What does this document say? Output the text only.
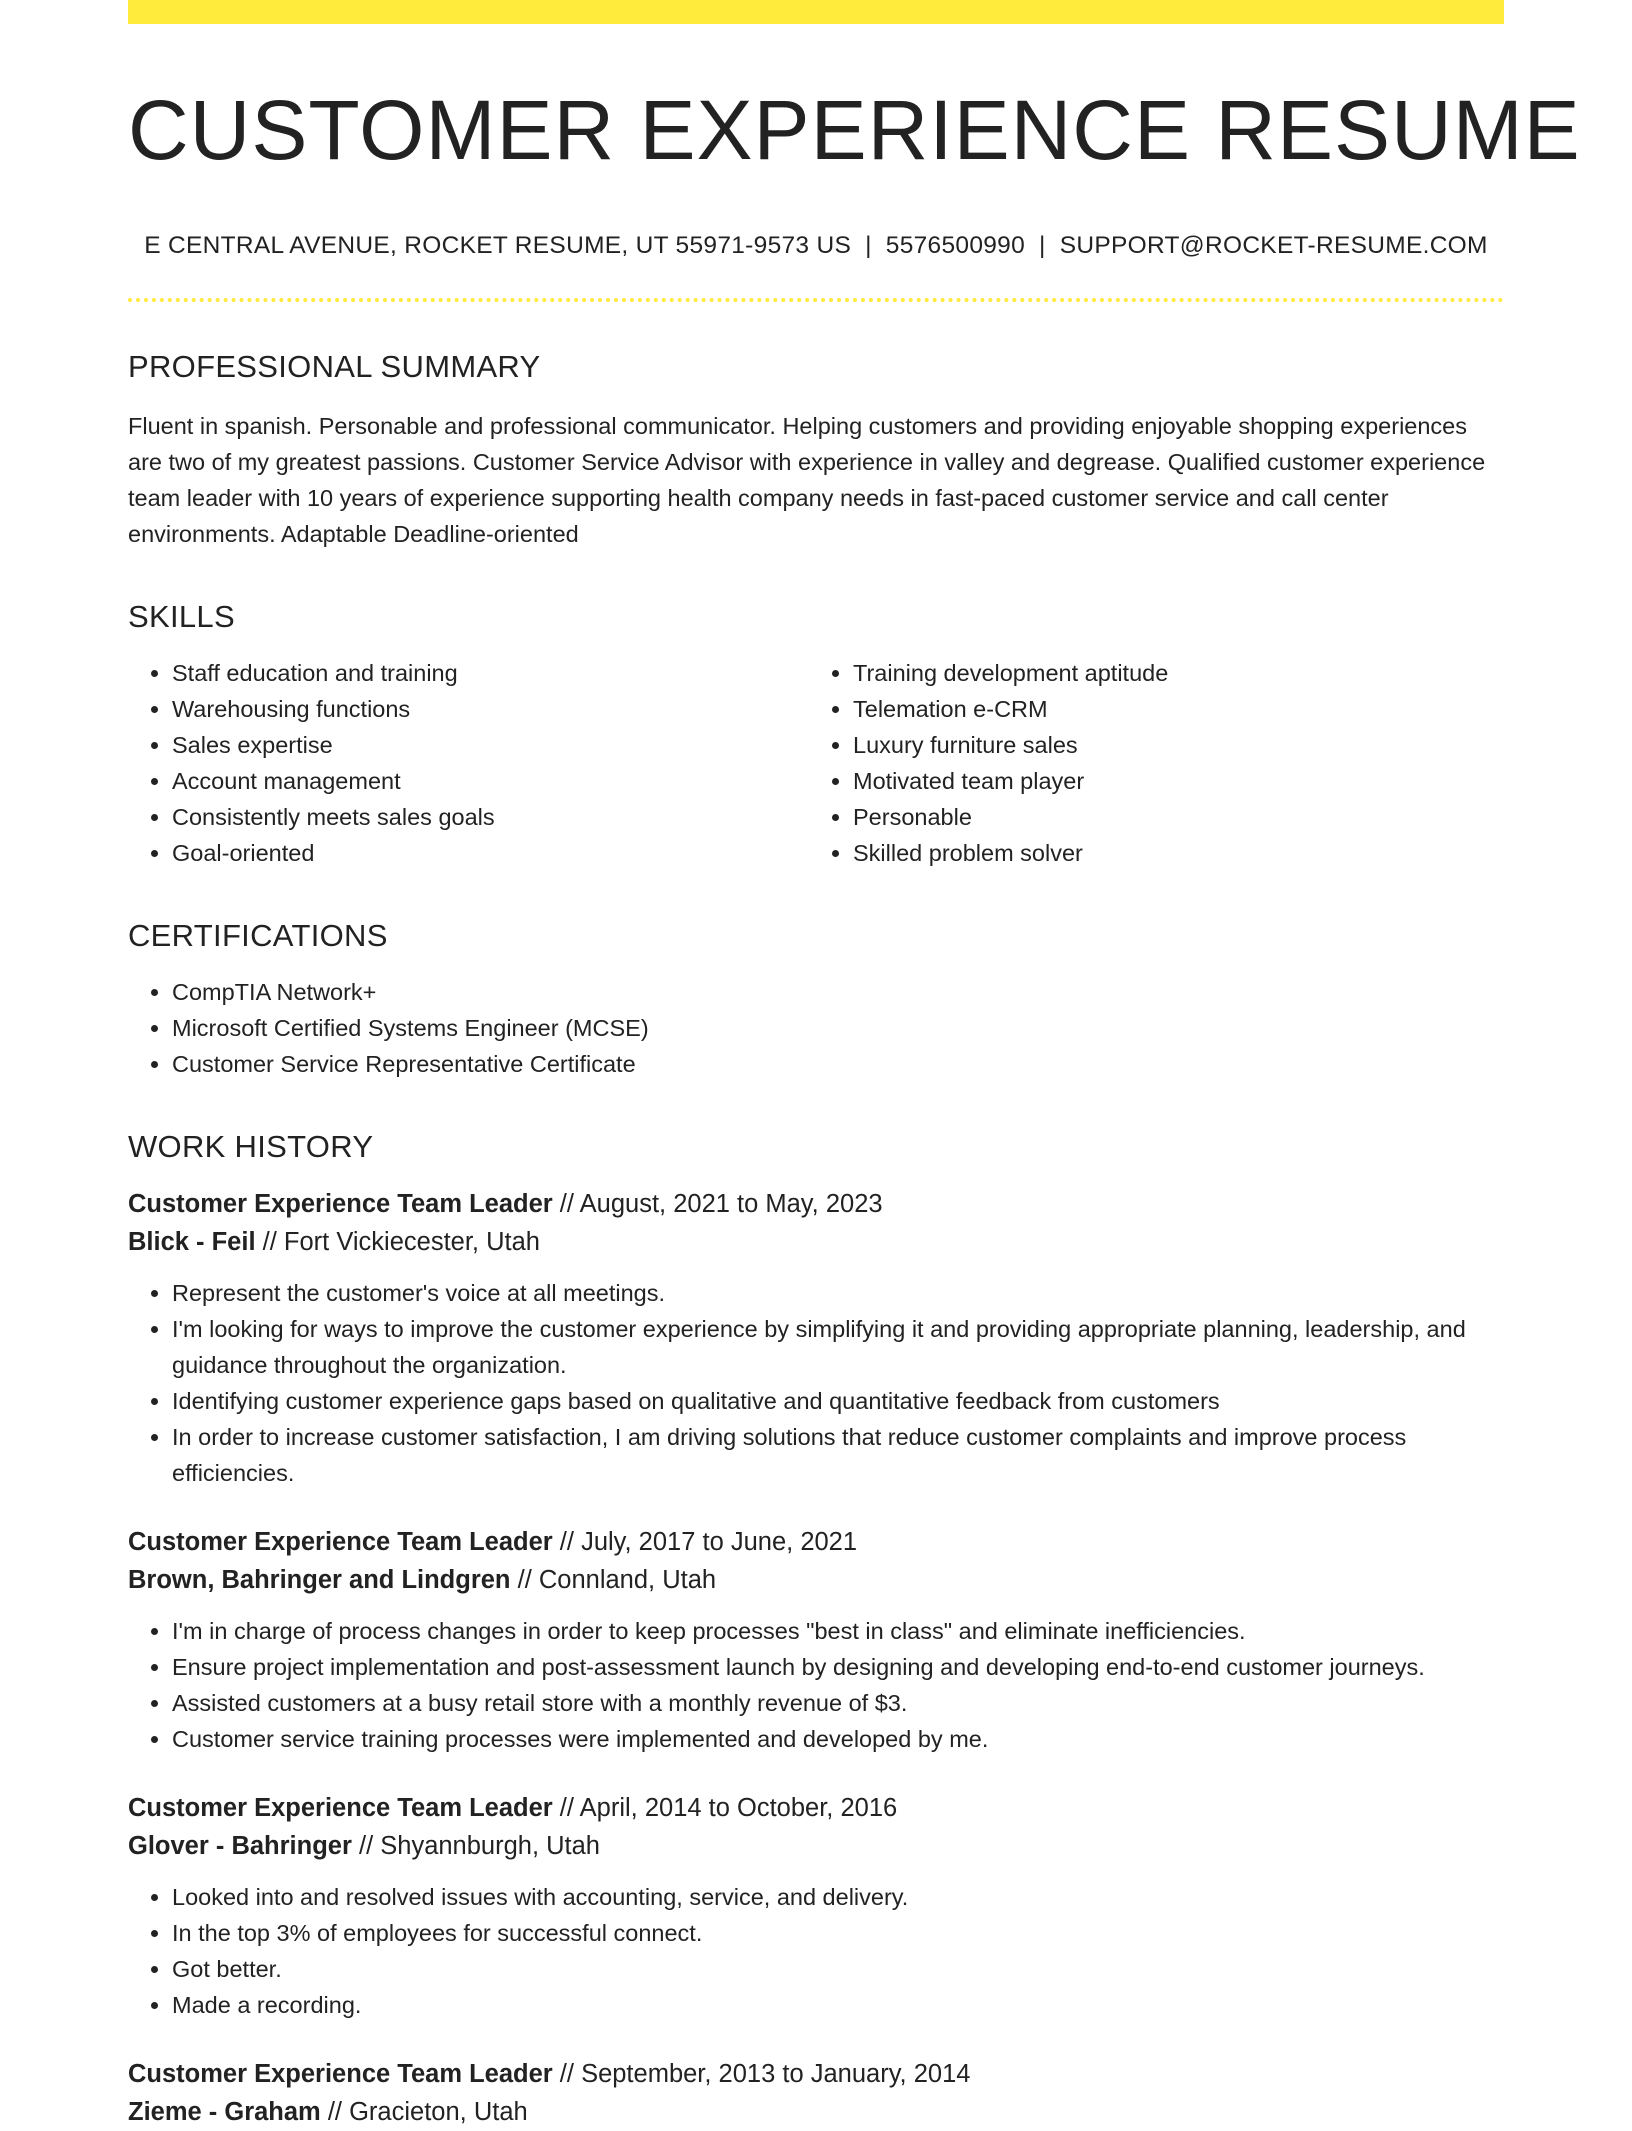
CUSTOMER EXPERIENCE RESUME
E CENTRAL AVENUE, ROCKET RESUME, UT 55971-9573 US | 5576500990 | SUPPORT@ROCKET-RESUME.COM
PROFESSIONAL SUMMARY

Fluent in spanish. Personable and professional communicator. Helping customers and providing enjoyable shopping experiences are two of my greatest passions. Customer Service Advisor with experience in valley and degrease. Qualified customer experience team leader with 10 years of experience supporting health company needs in fast-paced customer service and call center environments. Adaptable Deadline-oriented

SKILLS
• Staff education and training
• Warehousing functions
• Sales expertise
• Account management
• Consistently meets sales goals
• Goal-oriented
• Training development aptitude
• Telemation e-CRM
• Luxury furniture sales
• Motivated team player
• Personable
• Skilled problem solver
CERTIFICATIONS
• CompTIA Network+
• Microsoft Certified Systems Engineer (MCSE)
• Customer Service Representative Certificate
WORK HISTORY
Customer Experience Team Leader // August, 2021 to May, 2023
Blick - Feil // Fort Vickiecester, Utah
• Represent the customer's voice at all meetings.
• I'm looking for ways to improve the customer experience by simplifying it and providing appropriate planning, leadership, and guidance throughout the organization.
• Identifying customer experience gaps based on qualitative and quantitative feedback from customers
• In order to increase customer satisfaction, I am driving solutions that reduce customer complaints and improve process efficiencies.
Customer Experience Team Leader // July, 2017 to June, 2021
Brown, Bahringer and Lindgren // Connland, Utah
• I'm in charge of process changes in order to keep processes "best in class" and eliminate inefficiencies.
• Ensure project implementation and post-assessment launch by designing and developing end-to-end customer journeys.
• Assisted customers at a busy retail store with a monthly revenue of $3.
• Customer service training processes were implemented and developed by me.
Customer Experience Team Leader // April, 2014 to October, 2016
Glover - Bahringer // Shyannburgh, Utah
• Looked into and resolved issues with accounting, service, and delivery.
• In the top 3% of employees for successful connect.
• Got better.
• Made a recording.
Customer Experience Team Leader // September, 2013 to January, 2014
Zieme - Graham // Gracieton, Utah
